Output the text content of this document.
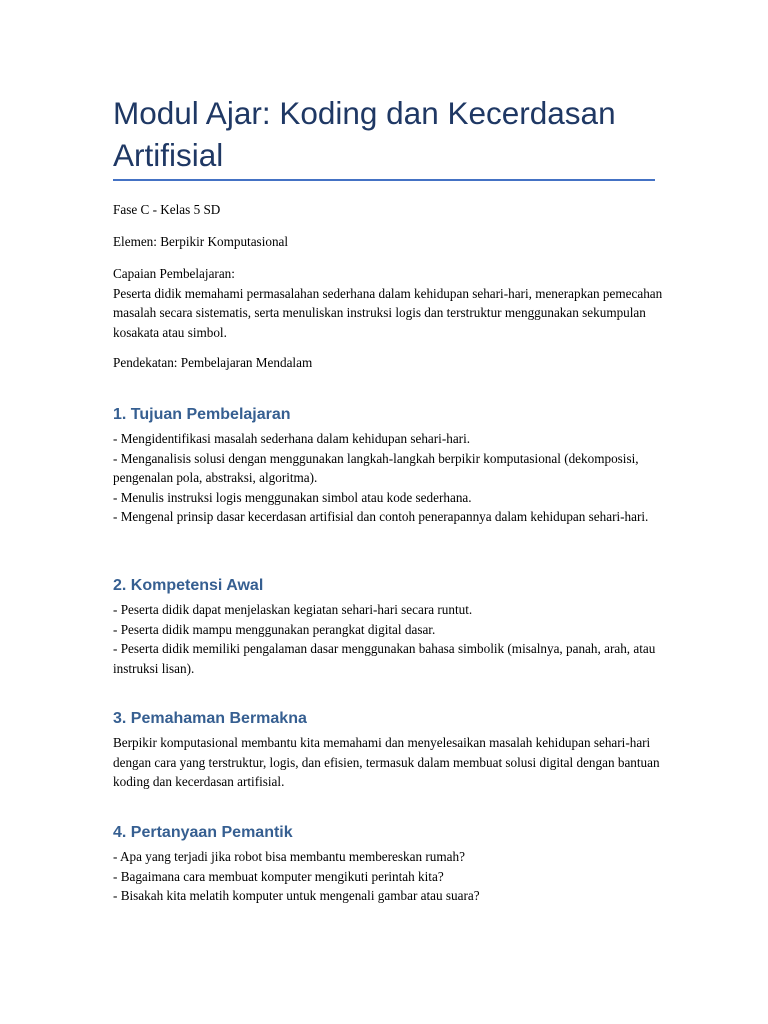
Modul Ajar: Koding dan Kecerdasan Artifisial

Fase C - Kelas 5 SD

Elemen: Berpikir Komputasional

Capaian Pembelajaran:
Peserta didik memahami permasalahan sederhana dalam kehidupan sehari-hari, menerapkan pemecahan masalah secara sistematis, serta menuliskan instruksi logis dan terstruktur menggunakan sekumpulan kosakata atau simbol.

Pendekatan: Pembelajaran Mendalam

1. Tujuan Pembelajaran

- Mengidentifikasi masalah sederhana dalam kehidupan sehari-hari.
- Menganalisis solusi dengan menggunakan langkah-langkah berpikir komputasional (dekomposisi, pengenalan pola, abstraksi, algoritma).
- Menulis instruksi logis menggunakan simbol atau kode sederhana.
- Mengenal prinsip dasar kecerdasan artifisial dan contoh penerapannya dalam kehidupan sehari-hari.

2. Kompetensi Awal

- Peserta didik dapat menjelaskan kegiatan sehari-hari secara runtut.
- Peserta didik mampu menggunakan perangkat digital dasar.
- Peserta didik memiliki pengalaman dasar menggunakan bahasa simbolik (misalnya, panah, arah, atau instruksi lisan).

3. Pemahaman Bermakna

Berpikir komputasional membantu kita memahami dan menyelesaikan masalah kehidupan sehari-hari dengan cara yang terstruktur, logis, dan efisien, termasuk dalam membuat solusi digital dengan bantuan koding dan kecerdasan artifisial.

4. Pertanyaan Pemantik

- Apa yang terjadi jika robot bisa membantu membereskan rumah?
- Bagaimana cara membuat komputer mengikuti perintah kita?
- Bisakah kita melatih komputer untuk mengenali gambar atau suara?
